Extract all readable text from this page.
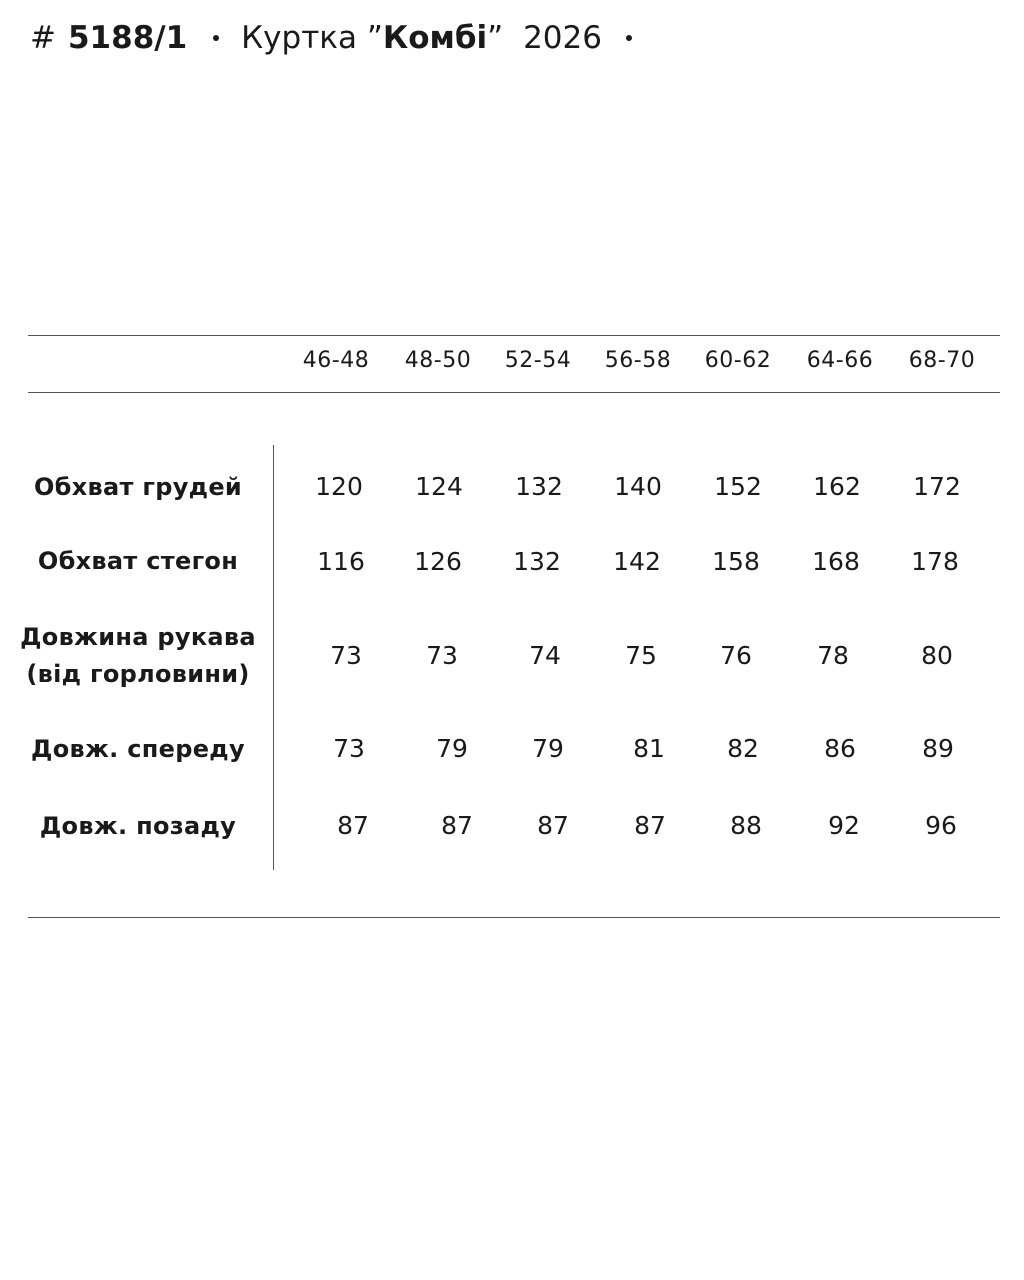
# 5188/1 Куртка ”Комбі” 2026
46-48	48-50	52-54	56-58	60-62	64-66	68-70
Обхват грудей	120	124	132	140	152	162	172
Обхват стегон	116	126	132	142	158	168	178
Довжина рукава
(від горловини)
73	73	74	75	76	78	80
Довж. спереду	73	79	79	81	82	86	89
Довж. позаду	87	87	87	87	88	92	96
